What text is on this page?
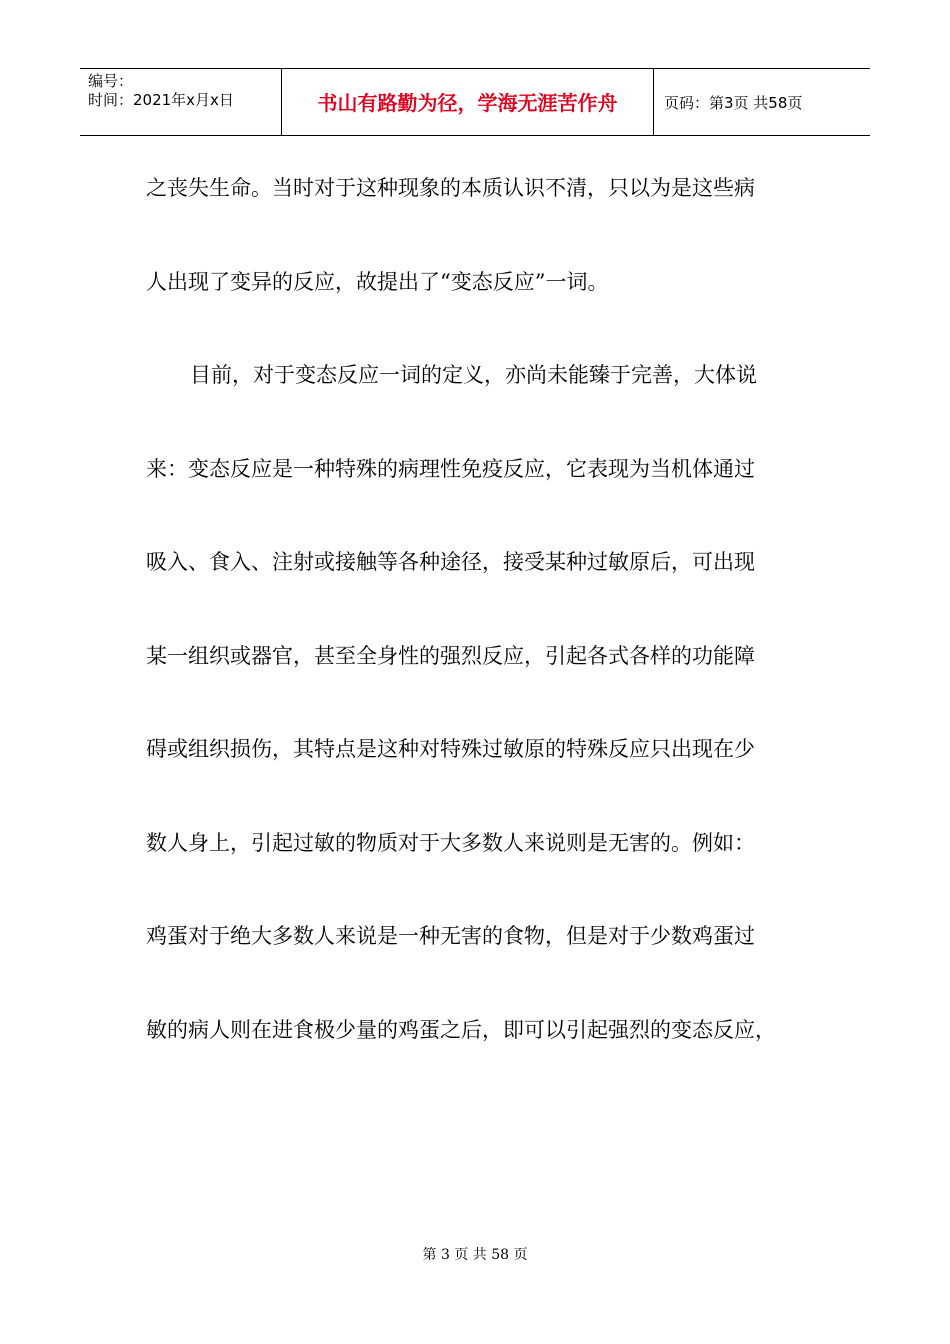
编号：
时间：2021年x月x日	书山有路勤为径，学海无涯苦作舟	页码：第3页 共58页
之丧失生命。当时对于这种现象的本质认识不清，只以为是这些病
人出现了变异的反应，故提出了“变态反应”一词。
目前，对于变态反应一词的定义，亦尚未能臻于完善，大体说
来：变态反应是一种特殊的病理性免疫反应，它表现为当机体通过
吸入、食入、注射或接触等各种途径，接受某种过敏原后，可出现
某一组织或器官，甚至全身性的强烈反应，引起各式各样的功能障
碍或组织损伤，其特点是这种对特殊过敏原的特殊反应只出现在少
数人身上，引起过敏的物质对于大多数人来说则是无害的。例如：
鸡蛋对于绝大多数人来说是一种无害的食物，但是对于少数鸡蛋过
敏的病人则在进食极少量的鸡蛋之后，即可以引起强烈的变态反应，
第 3 页 共 58 页
